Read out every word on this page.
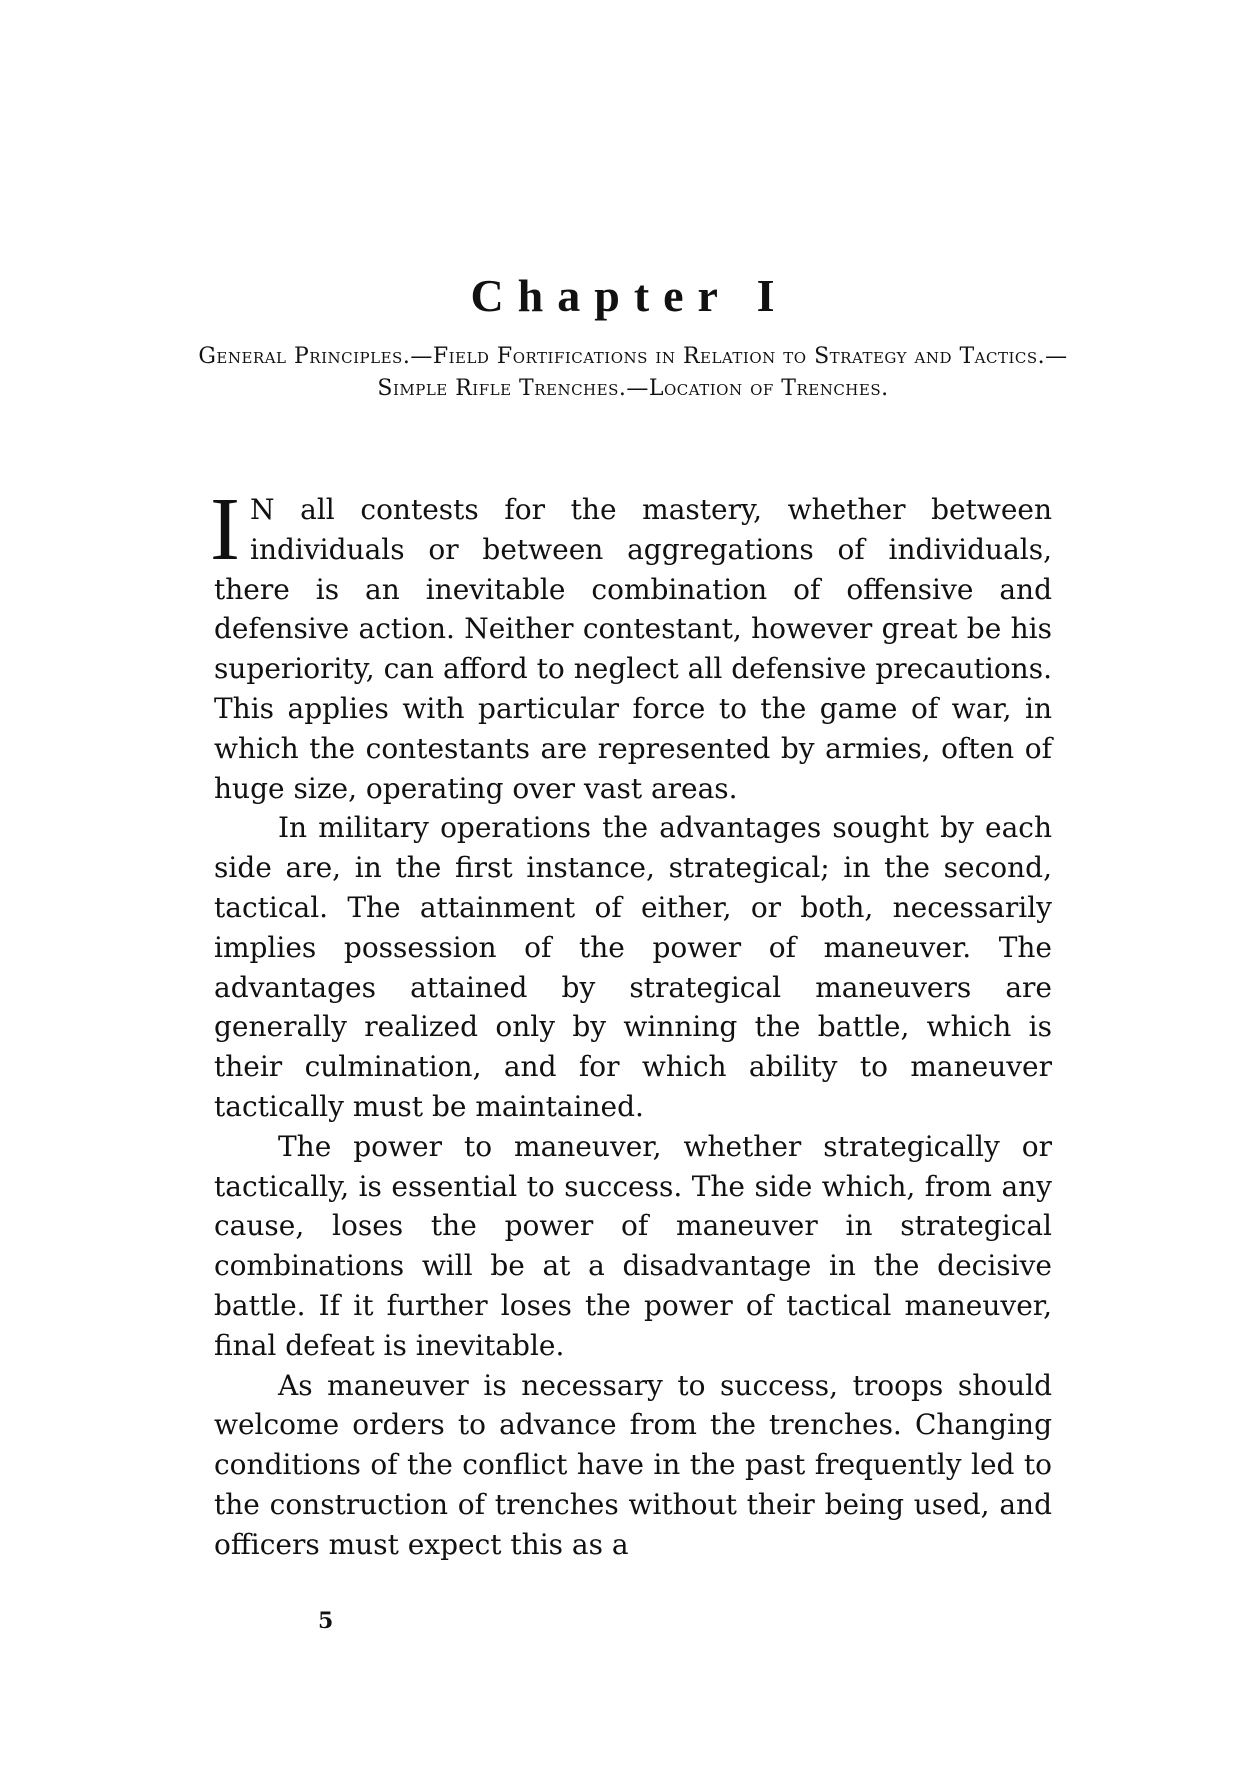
Chapter I

General Principles.—Field Fortifications in Relation to Strategy and Tactics.—Simple Rifle Trenches.—Location of Trenches.

I N all contests for the mastery, whether between individuals or between aggregations of individuals, there is an inevitable combination of offensive and defensive action. Neither contestant, however great be his superiority, can afford to neglect all defensive precautions. This applies with particular force to the game of war, in which the contestants are represented by armies, often of huge size, operating over vast areas.

In military operations the advantages sought by each side are, in the first instance, strategical; in the second, tactical. The attainment of either, or both, necessarily implies possession of the power of maneuver. The advantages attained by strategical maneuvers are generally realized only by winning the battle, which is their culmination, and for which ability to maneuver tactically must be maintained.

The power to maneuver, whether strategically or tactically, is essential to success. The side which, from any cause, loses the power of maneuver in strategical combinations will be at a disadvantage in the decisive battle. If it further loses the power of tactical maneuver, final defeat is inevitable.

As maneuver is necessary to success, troops should welcome orders to advance from the trenches. Changing conditions of the conflict have in the past frequently led to the construction of trenches without their being used, and officers must expect this as a

5
